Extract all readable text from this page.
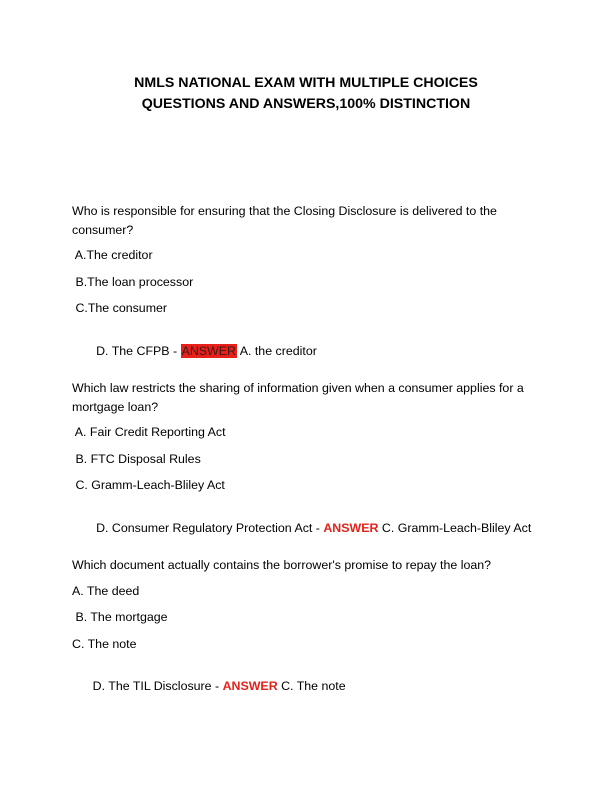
NMLS NATIONAL EXAM WITH MULTIPLE CHOICES
QUESTIONS AND ANSWERS,100% DISTINCTION

Who is responsible for ensuring that the Closing Disclosure is delivered to the consumer?

A.The creditor
B.The loan processor
C.The consumer

D. The CFPB - ANSWER A. the creditor

Which law restricts the sharing of information given when a consumer applies for a mortgage loan?

A. Fair Credit Reporting Act
B. FTC Disposal Rules
C. Gramm-Leach-Bliley Act

D. Consumer Regulatory Protection Act - ANSWER C. Gramm-Leach-Bliley Act

Which document actually contains the borrower's promise to repay the loan?

A. The deed
B. The mortgage
C. The note

D. The TIL Disclosure - ANSWER C. The note
